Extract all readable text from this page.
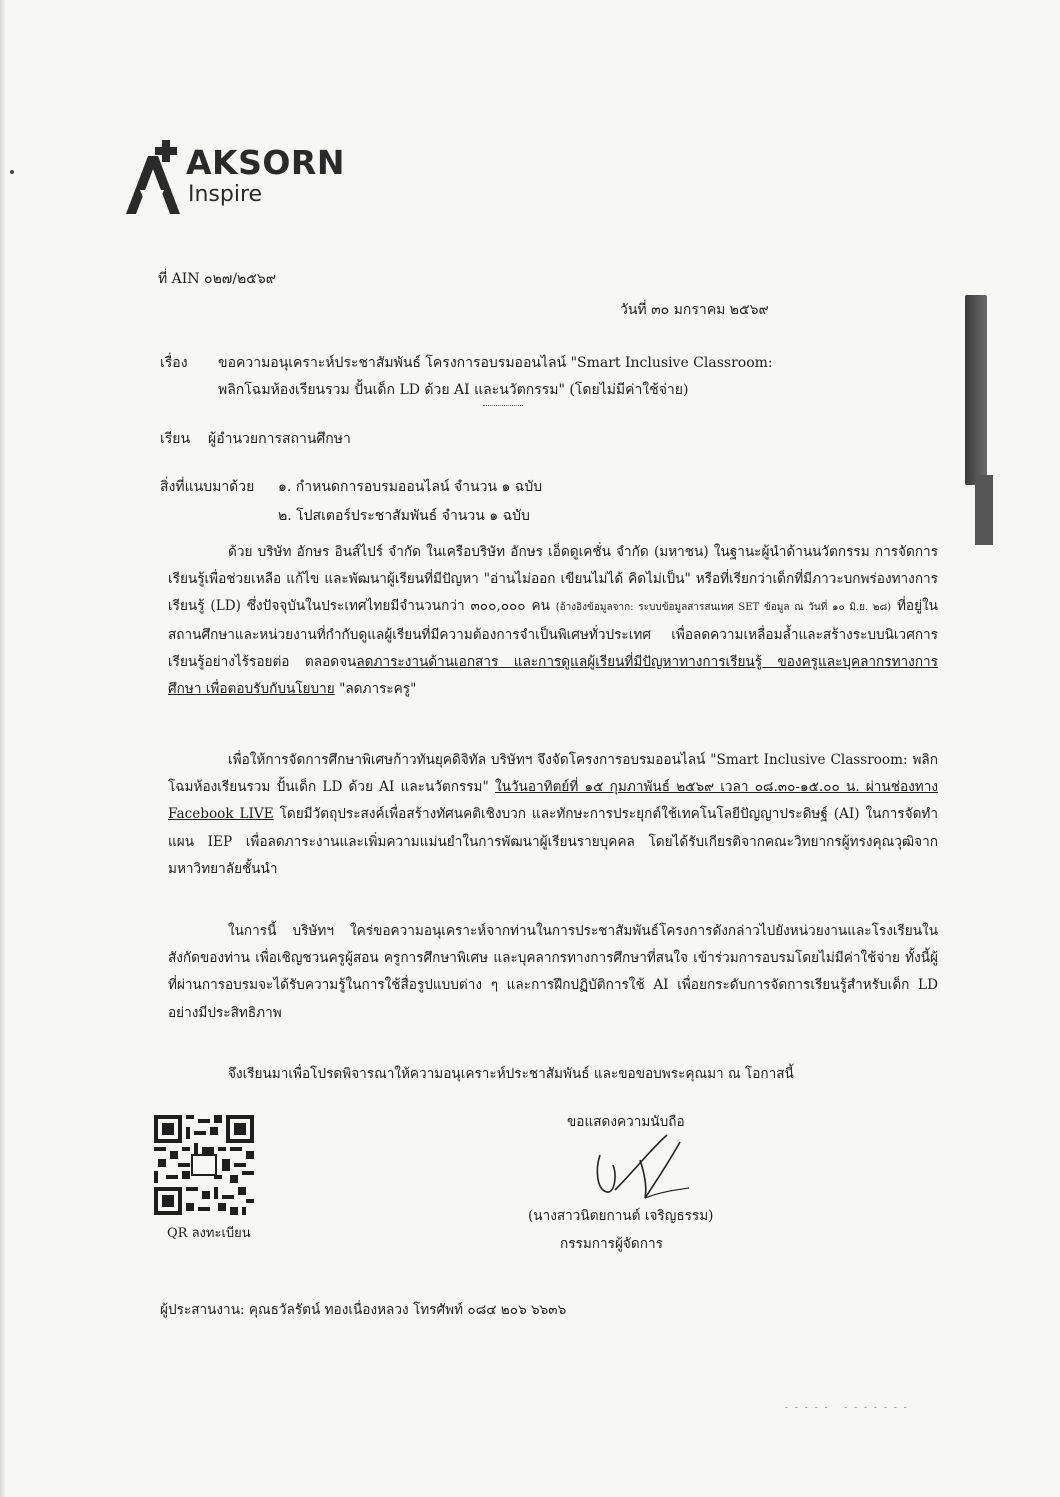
AKSORN
Inspire
ที่ AIN ๐๒๗/๒๕๖๙
วันที่ ๓๐ มกราคม ๒๕๖๙
เรื่อง ขอความอนุเคราะห์ประชาสัมพันธ์ โครงการอบรมออนไลน์ "Smart Inclusive Classroom:
พลิกโฉมห้องเรียนรวม ปั้นเด็ก LD ด้วย AI และนวัตกรรม" (โดยไม่มีค่าใช้จ่าย)
เรียน ผู้อำนวยการสถานศึกษา
สิ่งที่แนบมาด้วย ๑. กำหนดการอบรมออนไลน์ จำนวน ๑ ฉบับ
๒. โปสเตอร์ประชาสัมพันธ์ จำนวน ๑ ฉบับ
ด้วย บริษัท อักษร อินส์ไปร์ จำกัด ในเครือบริษัท อักษร เอ็ดดูเคชั่น จำกัด (มหาชน) ในฐานะผู้นำด้านนวัตกรรม การจัดการเรียนรู้เพื่อช่วยเหลือ แก้ไข และพัฒนาผู้เรียนที่มีปัญหา "อ่านไม่ออก เขียนไม่ได้ คิดไม่เป็น" หรือที่เรียกว่าเด็กที่มีภาวะบกพร่องทางการเรียนรู้ (LD) ซึ่งปัจจุบันในประเทศไทยมีจำนวนกว่า ๓๐๐,๐๐๐ คน (อ้างอิงข้อมูลจาก: ระบบข้อมูลสารสนเทศ SET ข้อมูล ณ วันที่ ๑๐ มิ.ย. ๒๘) ที่อยู่ในสถานศึกษาและหน่วยงานที่กำกับดูแลผู้เรียนที่มีความต้องการจำเป็นพิเศษทั่วประเทศ เพื่อลดความเหลื่อมล้ำและสร้างระบบนิเวศการเรียนรู้อย่างไร้รอยต่อ ตลอดจนลดภาระงานด้านเอกสาร และการดูแลผู้เรียนที่มีปัญหาทางการเรียนรู้ ของครูและบุคลากรทางการศึกษา เพื่อตอบรับกับนโยบาย "ลดภาระครู"
เพื่อให้การจัดการศึกษาพิเศษก้าวทันยุคดิจิทัล บริษัทฯ จึงจัดโครงการอบรมออนไลน์ "Smart Inclusive Classroom: พลิกโฉมห้องเรียนรวม ปั้นเด็ก LD ด้วย AI และนวัตกรรม" ในวันอาทิตย์ที่ ๑๕ กุมภาพันธ์ ๒๕๖๙ เวลา ๐๘.๓๐-๑๕.๐๐ น. ผ่านช่องทาง Facebook LIVE โดยมีวัตถุประสงค์เพื่อสร้างทัศนคติเชิงบวก และทักษะการประยุกต์ใช้เทคโนโลยีปัญญาประดิษฐ์ (AI) ในการจัดทำแผน IEP เพื่อลดภาระงานและเพิ่มความแม่นยำในการพัฒนาผู้เรียนรายบุคคล โดยได้รับเกียรติจากคณะวิทยากรผู้ทรงคุณวุฒิจากมหาวิทยาลัยชั้นนำ
ในการนี้ บริษัทฯ ใคร่ขอความอนุเคราะห์จากท่านในการประชาสัมพันธ์โครงการดังกล่าวไปยังหน่วยงานและโรงเรียนในสังกัดของท่าน เพื่อเชิญชวนครูผู้สอน ครูการศึกษาพิเศษ และบุคลากรทางการศึกษาที่สนใจ เข้าร่วมการอบรมโดยไม่มีค่าใช้จ่าย ทั้งนี้ผู้ที่ผ่านการอบรมจะได้รับความรู้ในการใช้สื่อรูปแบบต่าง ๆ และการฝึกปฏิบัติการใช้ AI เพื่อยกระดับการจัดการเรียนรู้สำหรับเด็ก LD อย่างมีประสิทธิภาพ
จึงเรียนมาเพื่อโปรดพิจารณาให้ความอนุเคราะห์ประชาสัมพันธ์ และขอขอบพระคุณมา ณ โอกาสนี้
QR ลงทะเบียน
ขอแสดงความนับถือ
(นางสาวนิตยกานต์ เจริญธรรม)
กรรมการผู้จัดการ
ผู้ประสานงาน: คุณธวัลรัตน์ ทองเนื่องหลวง โทรศัพท์ ๐๘๔ ๒๐๖ ๖๖๓๖
- - - - -   - - - - - - -
